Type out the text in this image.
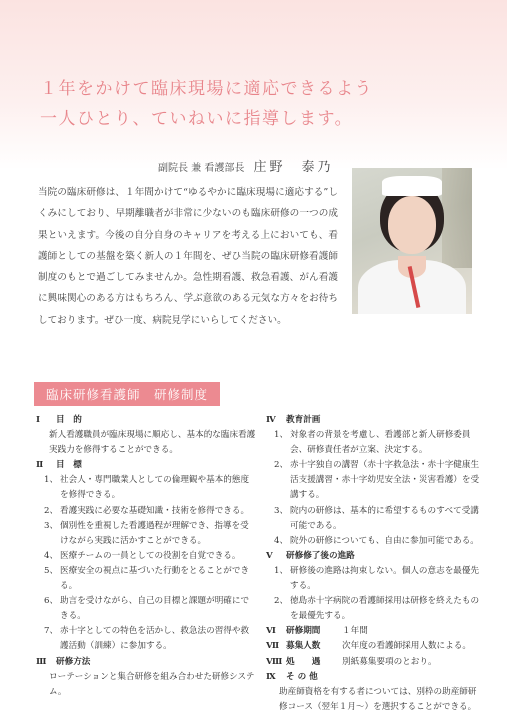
１年をかけて臨床現場に適応できるよう
一人ひとり、ていねいに指導します。
副院長 兼 看護部長 庄野　泰乃
当院の臨床研修は、１年間かけて“ゆるやかに臨床現場に適応する”しくみにしており、早期離職者が非常に少ないのも臨床研修の一つの成果といえます。今後の自分自身のキャリアを考える上においても、看護師としての基盤を築く新人の１年間を、ぜひ当院の臨床研修看護師制度のもとで過ごしてみませんか。急性期看護、救急看護、がん看護に興味関心のある方はもちろん、学ぶ意欲のある元気な方々をお待ちしております。ぜひ一度、病院見学にいらしてください。
臨床研修看護師　研修制度
Ⅰ 目　的
新人看護職員が臨床現場に順応し、基本的な臨床看護実践力を修得することができる。
Ⅱ 目　標
1、 社会人・専門職業人としての倫理観や基本的態度を修得できる。
2、 看護実践に必要な基礎知識・技術を修得できる。
3、 個別性を重視した看護過程が理解でき、指導を受けながら実践に活かすことができる。
4、 医療チームの一員としての役割を自覚できる。
5、 医療安全の視点に基づいた行動をとることができる。
6、 助言を受けながら、自己の目標と課題が明確にできる。
7、 赤十字としての特色を活かし、救急法の習得や救護活動（訓練）に参加する。
Ⅲ 研修方法
ローテーションと集合研修を組み合わせた研修システム。
Ⅳ 教育計画
1、 対象者の背景を考慮し、看護部と新人研修委員会、研修責任者が立案、決定する。
2、 赤十字独自の講習（赤十字救急法・赤十字健康生活支援講習・赤十字幼児安全法・災害看護）を受講する。
3、 院内の研修は、基本的に希望するものすべて受講可能である。
4、 院外の研修についても、自由に参加可能である。
Ⅴ 研修修了後の進路
1、 研修後の進路は拘束しない。個人の意志を最優先する。
2、 徳島赤十字病院の看護師採用は研修を終えたものを最優先する。
Ⅵ 研修期間	１年間
Ⅶ 募集人数	次年度の看護師採用人数による。
Ⅷ 処　　遇	別紙募集要項のとおり。
Ⅸ そ の 他
助産師資格を有する者については、別枠の助産師研修コース（翌年１月〜）を選択することができる。
